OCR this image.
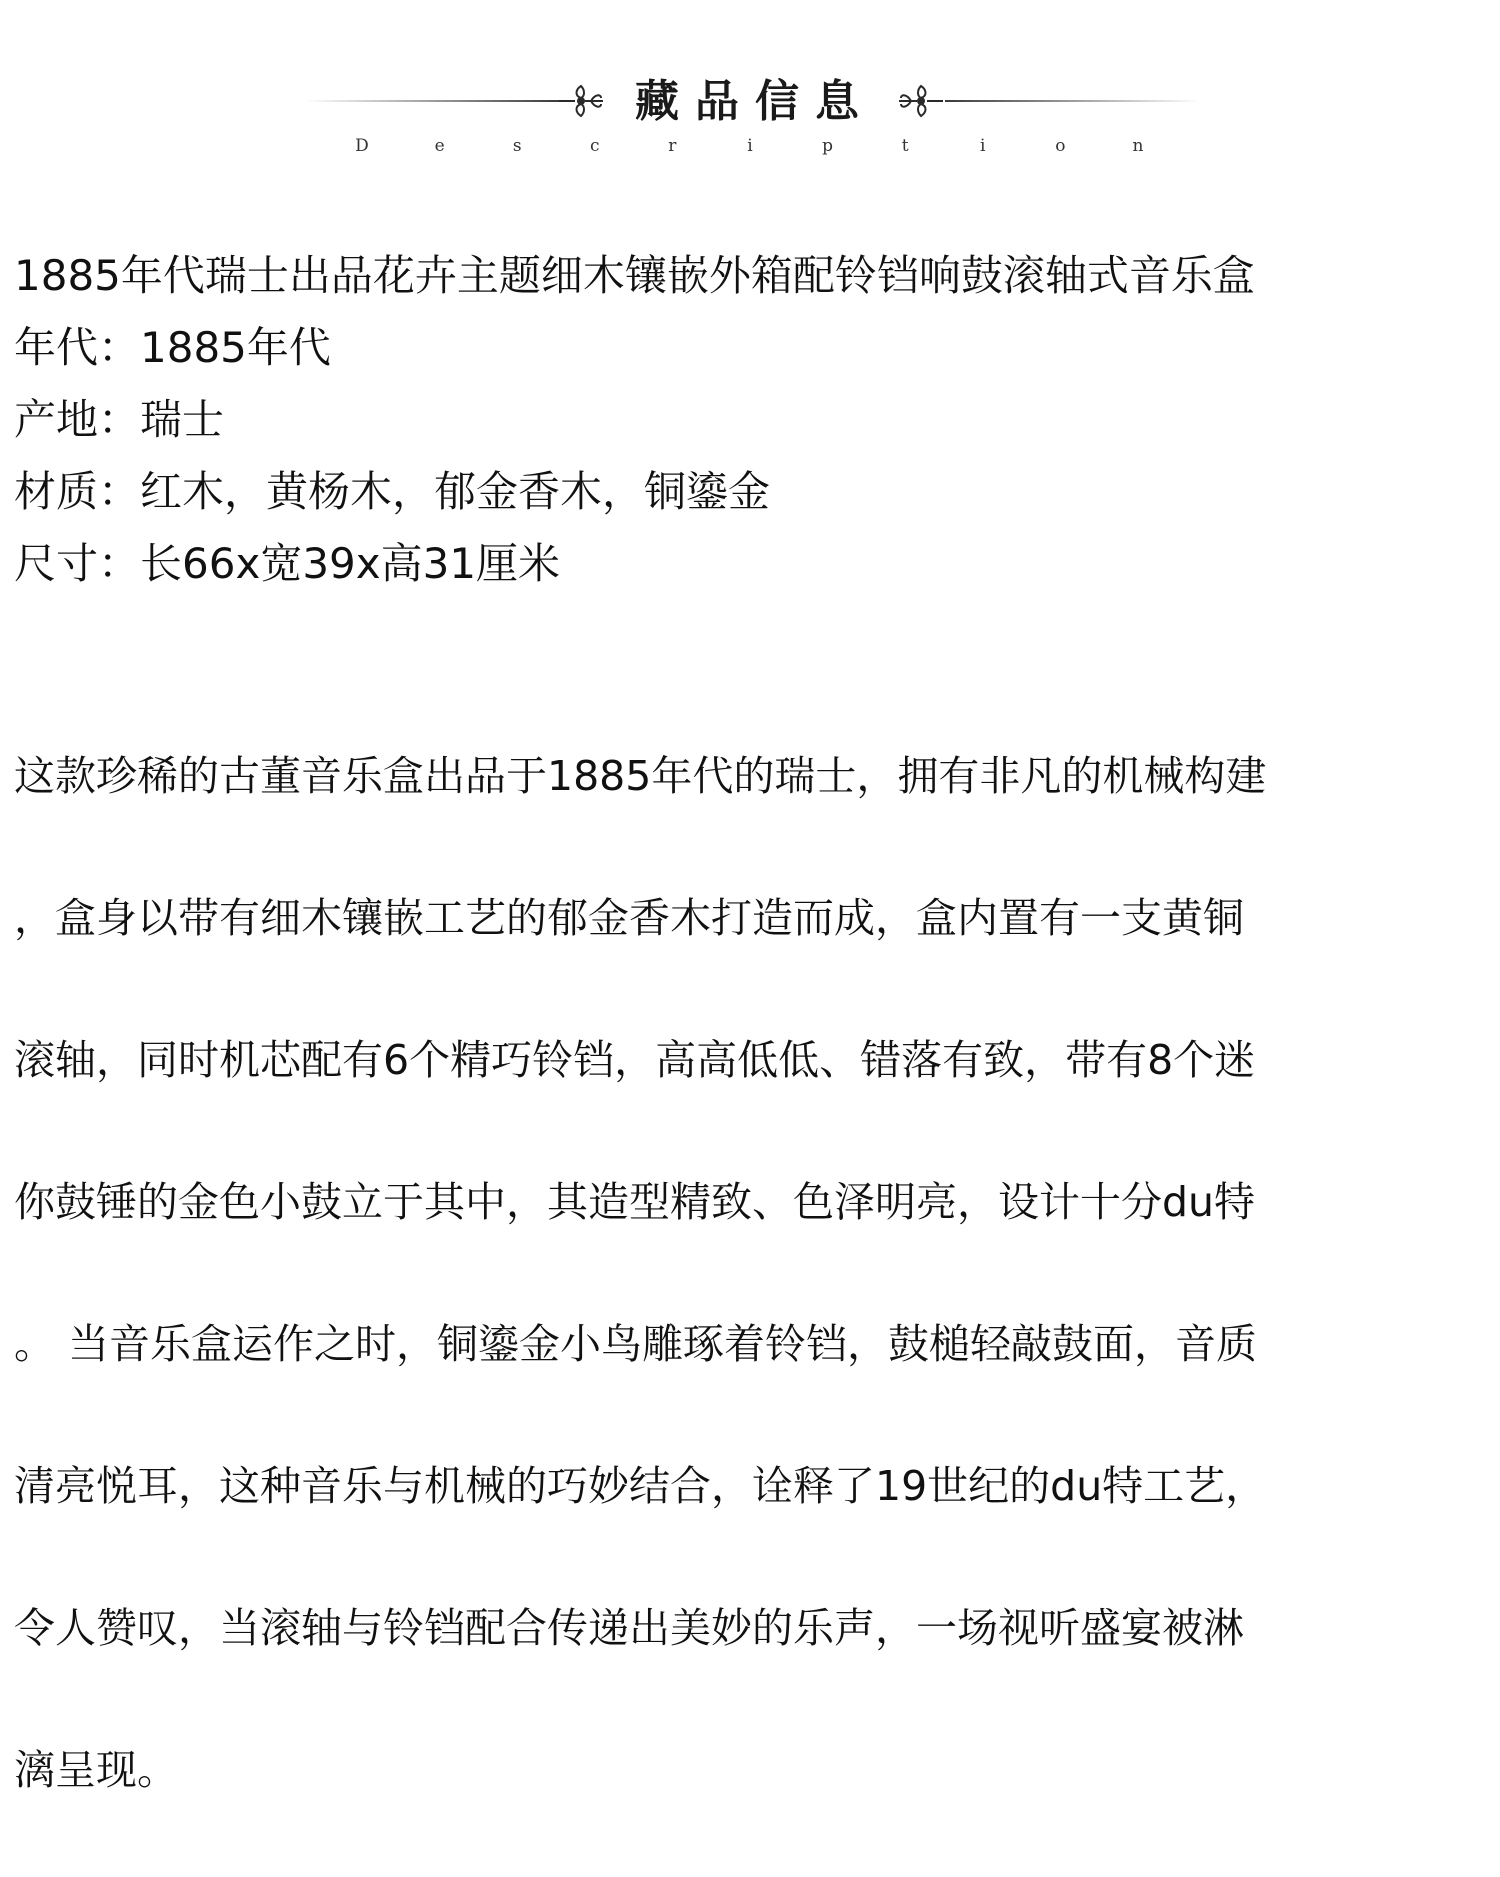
藏品信息
D	e	s	c	r	i	p	t	i	o	n
1885年代瑞士出品花卉主题细木镶嵌外箱配铃铛响鼓滚轴式音乐盒
年代：1885年代
产地：瑞士
材质：红木，黄杨木，郁金香木，铜鎏金
尺寸：长66x宽39x高31厘米

这款珍稀的古董音乐盒出品于1885年代的瑞士，拥有非凡的机械构建

，盒身以带有细木镶嵌工艺的郁金香木打造而成，盒内置有一支黄铜

滚轴，同时机芯配有6个精巧铃铛，高高低低、错落有致，带有8个迷

你鼓锤的金色小鼓立于其中，其造型精致、色泽明亮，设计十分du特

。 当音乐盒运作之时，铜鎏金小鸟雕琢着铃铛，鼓槌轻敲鼓面，音质

清亮悦耳，这种音乐与机械的巧妙结合，诠释了19世纪的du特工艺，

令人赞叹，当滚轴与铃铛配合传递出美妙的乐声，一场视听盛宴被淋

漓呈现。
